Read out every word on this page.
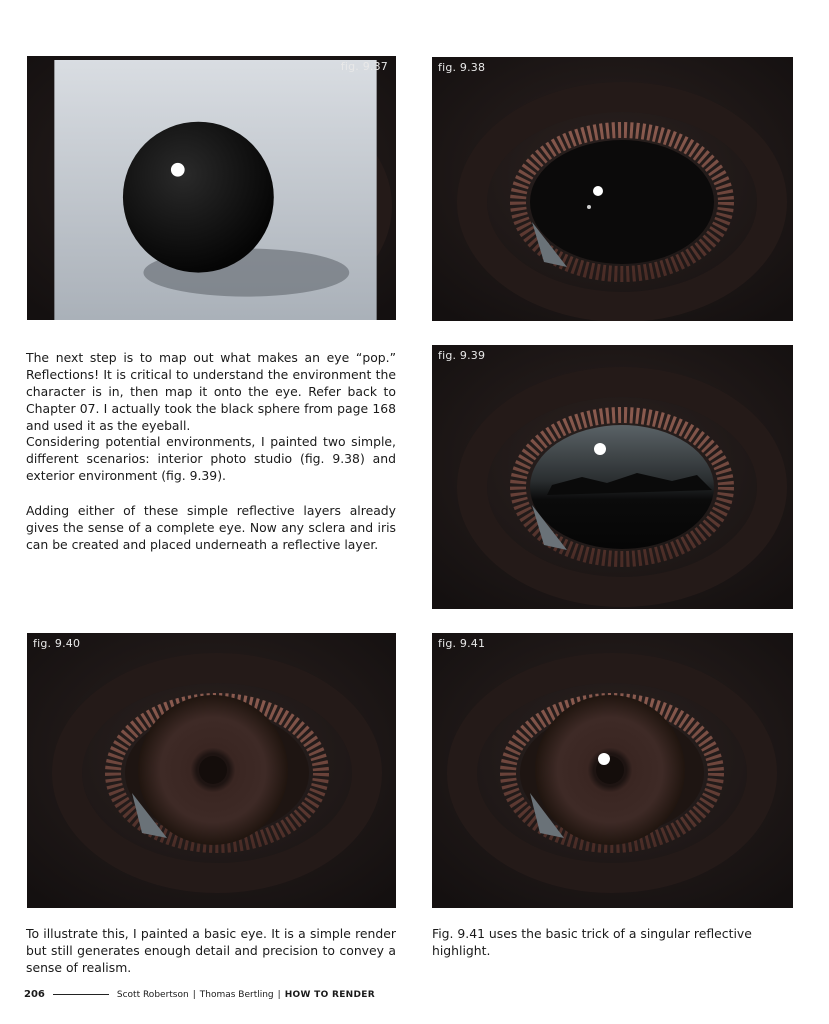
fig. 9.37	fig. 9.38
fig. 9.39
fig. 9.40	fig. 9.41

The next step is to map out what makes an eye “pop.” Reflections! It is critical to understand the environment the character is in, then map it onto the eye. Refer back to Chapter 07. I actually took the black sphere from page 168 and used it as the eyeball.

Considering potential environments, I painted two simple, different scenarios: interior photo studio (fig. 9.38) and exterior environment (fig. 9.39).

Adding either of these simple reflective layers already gives the sense of a complete eye. Now any sclera and iris can be created and placed underneath a reflective layer.

To illustrate this, I painted a basic eye. It is a simple render but still generates enough detail and precision to convey a sense of realism.

Fig. 9.41 uses the basic trick of a singular reflective highlight.

206	Scott Robertson | Thomas Bertling | HOW TO RENDER
